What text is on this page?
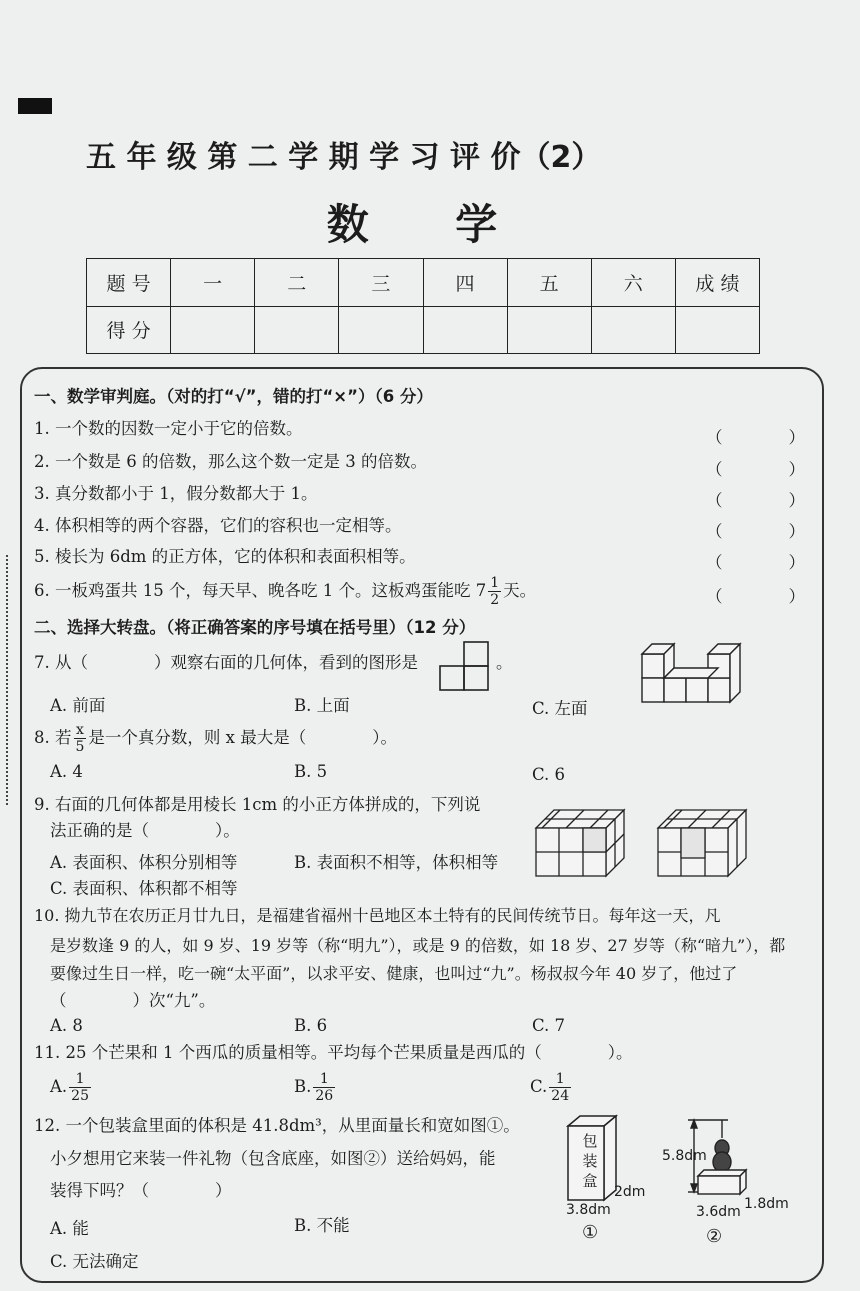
五 年 级 第 二 学 期 学 习 评 价（2）
数 学
题 号	一	二	三	四	五	六	成 绩
得 分							
一、数学审判庭。（对的打“√”，错的打“×”）（6 分）
1. 一个数的因数一定小于它的倍数。
2. 一个数是 6 的倍数，那么这个数一定是 3 的倍数。
3. 真分数都小于 1，假分数都大于 1。
4. 体积相等的两个容器，它们的容积也一定相等。
5. 棱长为 6dm 的正方体，它的体积和表面积相等。
6. 一板鸡蛋共 15 个，每天早、晚各吃 1 个。这板鸡蛋能吃 $7 \frac{1}{2}$ 天。
（　　　　）
（　　　　）
（　　　　）
（　　　　）
（　　　　）
（　　　　）
二、选择大转盘。（将正确答案的序号填在括号里）（12 分）
7. 从（　　　　）观察右面的几何体，看到的图形是	。
A. 前面	B. 上面	C. 左面
8. 若 $\frac{x}{5}$ 是一个真分数，则 x 最大是（　　　　）。
A. 4	B. 5	C. 6
9. 右面的几何体都是用棱长 1cm 的小正方体拼成的，下列说
法正确的是（　　　　）。
A. 表面积、体积分别相等	B. 表面积不相等，体积相等
C. 表面积、体积都不相等
10. 拗九节在农历正月廿九日，是福建省福州十邑地区本土特有的民间传统节日。每年这一天，凡
是岁数逢 9 的人，如 9 岁、19 岁等（称“明九”），或是 9 的倍数，如 18 岁、27 岁等（称“暗九”），都
要像过生日一样，吃一碗“太平面”，以求平安、健康，也叫过“九”。杨叔叔今年 40 岁了，他过了
（　　　　）次“九”。
A. 8	B. 6	C. 7
11. 25 个芒果和 1 个西瓜的质量相等。平均每个芒果质量是西瓜的（　　　　）。
A. $\frac{1}{25}$	B. $\frac{1}{26}$	C. $\frac{1}{24}$
12. 一个包装盒里面的体积是 41.8dm³，从里面量长和宽如图①。
小夕想用它来装一件礼物（包含底座，如图②）送给妈妈，能
装得下吗？（　　　　）
A. 能	B. 不能
C. 无法确定
包装盒
2dm
3.8dm
①
5.8dm
3.6dm 1.8dm
②
